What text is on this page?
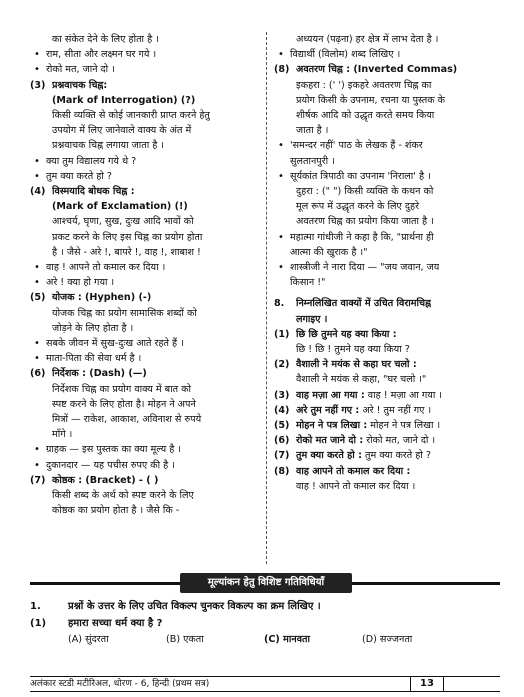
का संकेत देने के लिए होता है ।
• राम, सीता और लक्ष्मन घर गये ।
• रोको मत, जाने दो ।
(3) प्रश्नवाचक चिह्न:
(Mark of Interrogation) (?)
किसी व्यक्ति से कोई जानकारी प्राप्त करने हेतु
उपयोग में लिए जानेवाले वाक्य के अंत में
प्रश्नवाचक चिह्न लगाया जाता है ।
• क्या तुम विद्यालय गये थे ?
• तुम क्या करते हो ?
(4) विस्मयादि बोधक चिह्न :
(Mark of Exclamation) (!)
आश्चर्य, घृणा, सुख, दुःख आदि भावों को
प्रकट करने के लिए इस चिह्न का प्रयोग होता
है । जैसे - अरे !, बापरे !, वाह !, शाबाश !
• वाह ! आपने तो कमाल कर दिया ।
• अरे ! क्या हो गया ।
(5) योजक : (Hyphen) (-)
योजक चिह्न का प्रयोग सामासिक शब्दों को
जोड़ने के लिए होता है ।
• सबके जीवन में सुख-दुःख आते रहते हैं ।
• माता-पिता की सेवा धर्म है ।
(6) निर्देशक : (Dash) (—)
निर्देशक चिह्न का प्रयोग वाक्य में बात को
स्पष्ट करने के लिए होता है। मोहन ने अपने
मित्रों — राकेश, आकाश, अविनाश से रुपये
माँगे ।
• ग्राहक — इस पुस्तक का क्या मूल्य है ।
• दुकानदार — यह पचीस रुपए की है ।
(7) कोष्ठक : (Bracket) - ( )
किसी शब्द के अर्थ को स्पष्ट करने के लिए
कोष्ठक का प्रयोग होता है । जैसे कि -
अध्ययन (पढ़ना) हर क्षेत्र में लाभ देता है ।
• विद्यार्थी (विलोम) शब्द लिखिए ।
(8) अवतरण चिह्न : (Inverted Commas)
इकहरा : (' ') इकहरे अवतरण चिह्न का
प्रयोग किसी के उपनाम, रचना या पुस्तक के
शीर्षक आदि को उद्धृत करते समय किया
जाता है ।
• 'समन्दर नहीं' पाठ के लेखक हैं - शंकर
सुलतानपुरी ।
• सूर्यकांत त्रिपाठी का उपनाम 'निराला' है ।
दुहरा : (" ") किसी व्यक्ति के कथन को
मूल रूप में उद्धृत करने के लिए दुहरे
अवतरण चिह्न का प्रयोग किया जाता है ।
• महात्मा गांधीजी ने कहा है कि, "प्रार्थना ही
आत्मा की खुराक है ।"
• शास्त्रीजी ने नारा दिया — "जय जवान, जय
किसान !"
8.	निम्नलिखित वाक्यों में उचित विरामचिह्न
लगाइए ।
(1) छि छि तुमने यह क्या किया :
छि ! छि ! तुमने यह क्या किया ?
(2) वैशाली ने मयंक से कहा घर चलो :
वैशाली ने मयंक से कहा, "घर चलो ।"
(3) वाह मज़ा आ गया : वाह ! मज़ा आ गया ।
(4) अरे तुम नहीं गए : अरे ! तुम नहीं गए ।
(5) मोहन ने पत्र लिखा : मोहन ने पत्र लिखा ।
(6) रोको मत जाने दो : रोको मत, जाने दो ।
(7) तुम क्या करते हो : तुम क्या करते हो ?
(8) वाह आपने तो कमाल कर दिया :
वाह ! आपने तो कमाल कर दिया ।
मूल्यांकन हेतु विशिष्ट गतिविधियाँ
1.	प्रश्नों के उत्तर के लिए उचित विकल्प चुनकर विकल्प का क्रम लिखिए ।
(1)	हमारा सच्चा धर्म क्या है ?
(A) सुंदरता	(B) एकता	(C) मानवता	(D) सज्जनता
अलंकार स्टडी मटीरिअल, धोरण - 6, हिन्दी (प्रथम सत्र)	13
